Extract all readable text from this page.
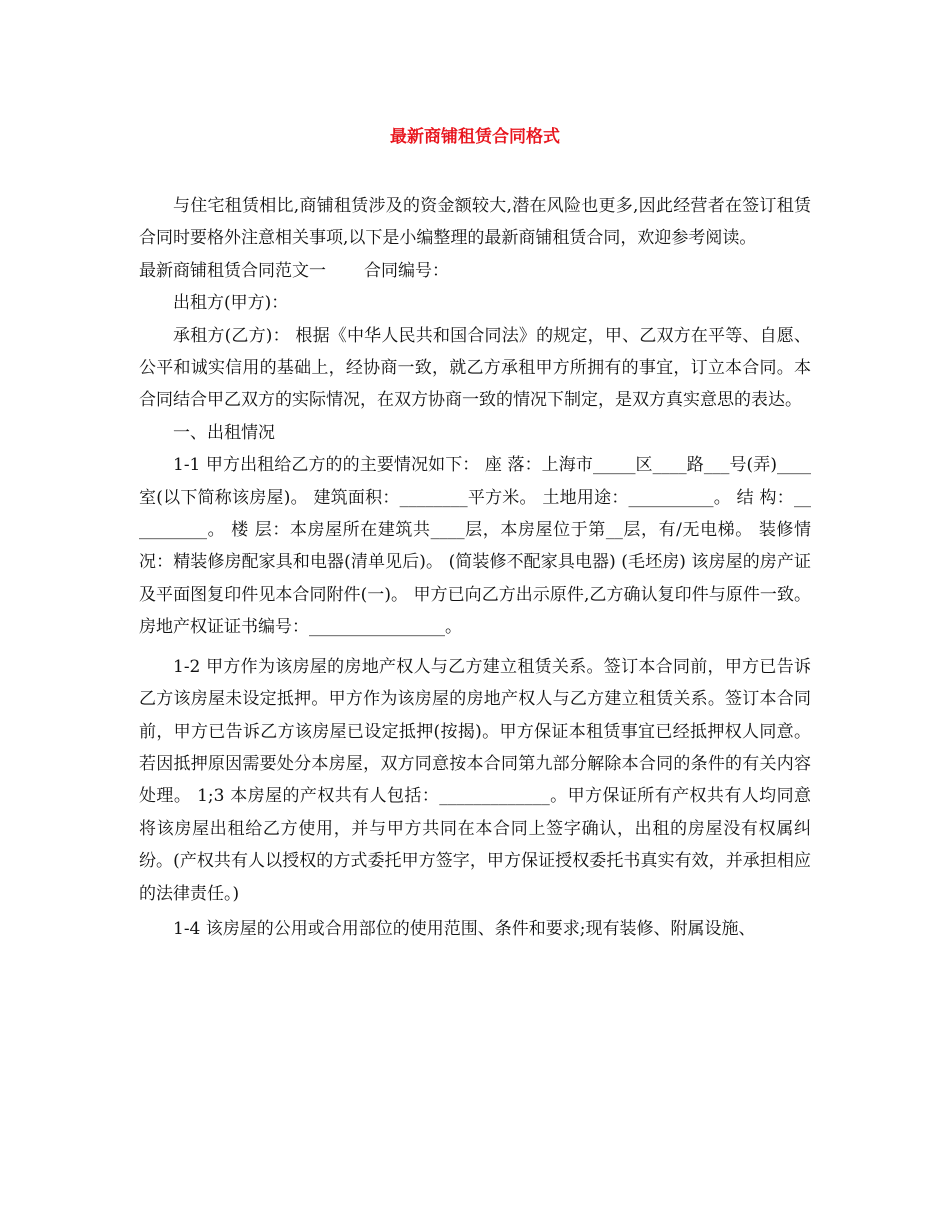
最新商铺租赁合同格式

与住宅租赁相比,商铺租赁涉及的资金额较大,潜在风险也更多,因此经营者在签订租赁合同时要格外注意相关事项,以下是小编整理的最新商铺租赁合同，欢迎参考阅读。

最新商铺租赁合同范文一 合同编号：

出租方(甲方)：

承租方(乙方)： 根据《中华人民共和国合同法》的规定，甲、乙双方在平等、自愿、公平和诚实信用的基础上，经协商一致，就乙方承租甲方所拥有的事宜，订立本合同。本合同结合甲乙双方的实际情况，在双方协商一致的情况下制定，是双方真实意思的表达。

一、出租情况

1-1 甲方出租给乙方的的主要情况如下： 座 落：上海市_____区____路___号(弄)____室(以下简称该房屋)。 建筑面积：________平方米。 土地用途：__________。 结 构：__________。 楼 层：本房屋所在建筑共____层，本房屋位于第__层，有/无电梯。 装修情况：精装修房配家具和电器(清单见后)。 (简装修不配家具电器) (毛坯房) 该房屋的房产证及平面图复印件见本合同附件(一)。 甲方已向乙方出示原件,乙方确认复印件与原件一致。房地产权证证书编号：________________。

1-2 甲方作为该房屋的房地产权人与乙方建立租赁关系。签订本合同前，甲方已告诉乙方该房屋未设定抵押。甲方作为该房屋的房地产权人与乙方建立租赁关系。签订本合同前，甲方已告诉乙方该房屋已设定抵押(按揭)。甲方保证本租赁事宜已经抵押权人同意。若因抵押原因需要处分本房屋，双方同意按本合同第九部分解除本合同的条件的有关内容处理。 1;3 本房屋的产权共有人包括：_____________。甲方保证所有产权共有人均同意将该房屋出租给乙方使用，并与甲方共同在本合同上签字确认，出租的房屋没有权属纠纷。(产权共有人以授权的方式委托甲方签字，甲方保证授权委托书真实有效，并承担相应的法律责任。)

1-4 该房屋的公用或合用部位的使用范围、条件和要求;现有装修、附属设施、
